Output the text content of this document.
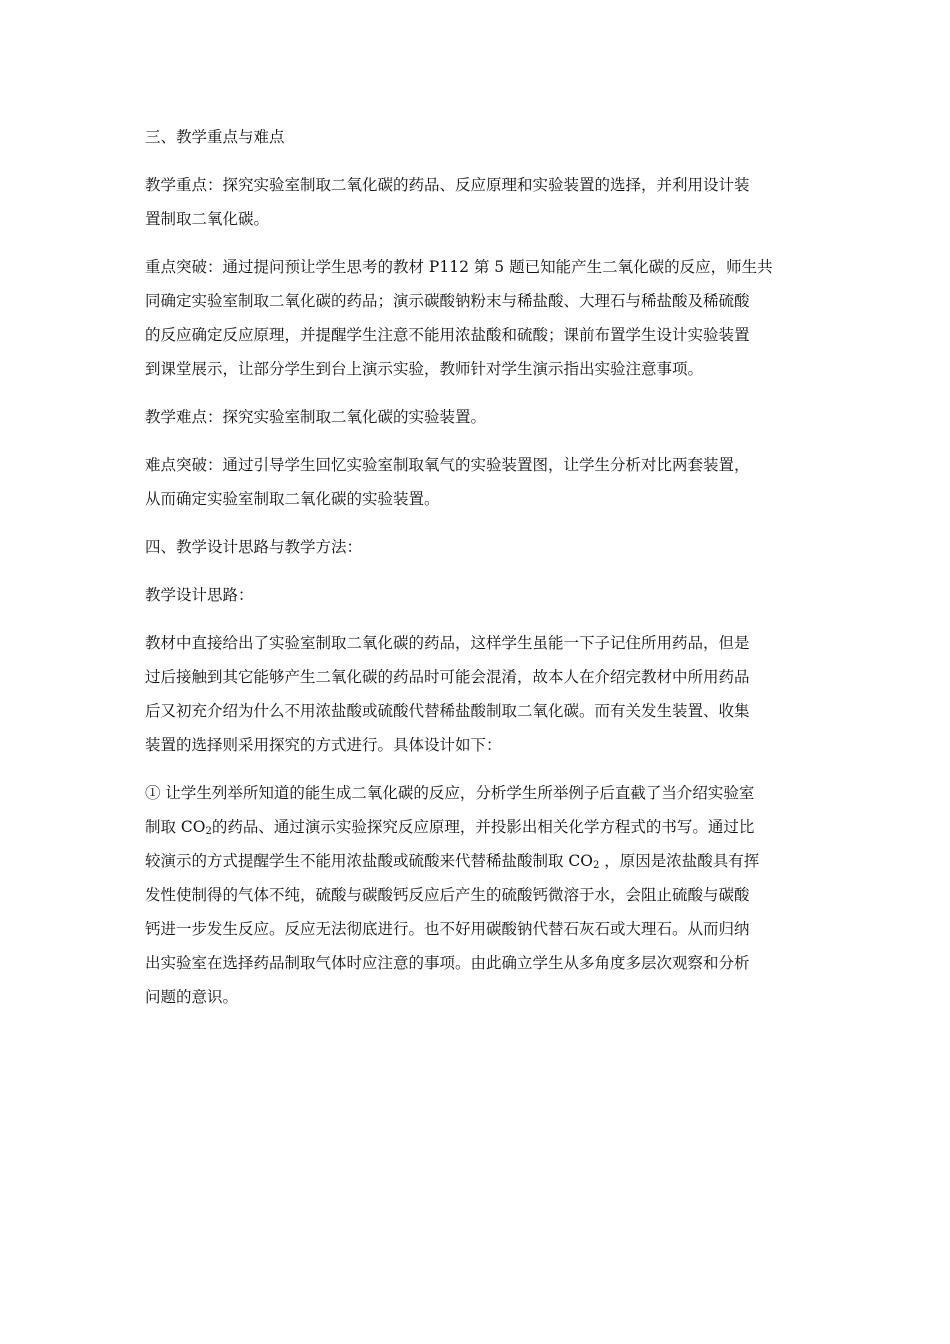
三、教学重点与难点

教学重点：探究实验室制取二氧化碳的药品、反应原理和实验装置的选择，并利用设计装
置制取二氧化碳。

重点突破：通过提问预让学生思考的教材 P112 第 5 题已知能产生二氧化碳的反应，师生共
同确定实验室制取二氧化碳的药品；演示碳酸钠粉末与稀盐酸、大理石与稀盐酸及稀硫酸
的反应确定反应原理，并提醒学生注意不能用浓盐酸和硫酸；课前布置学生设计实验装置
到课堂展示，让部分学生到台上演示实验，教师针对学生演示指出实验注意事项。

教学难点：探究实验室制取二氧化碳的实验装置。

难点突破：通过引导学生回忆实验室制取氧气的实验装置图，让学生分析对比两套装置，
从而确定实验室制取二氧化碳的实验装置。

四、教学设计思路与教学方法：

教学设计思路：

教材中直接给出了实验室制取二氧化碳的药品，这样学生虽能一下子记住所用药品，但是
过后接触到其它能够产生二氧化碳的药品时可能会混淆，故本人在介绍完教材中所用药品
后又初充介绍为什么不用浓盐酸或硫酸代替稀盐酸制取二氧化碳。而有关发生装置、收集
装置的选择则采用探究的方式进行。具体设计如下：

① 让学生列举所知道的能生成二氧化碳的反应，分析学生所举例子后直截了当介绍实验室
制取 $CO_2$的药品、通过演示实验探究反应原理，并投影出相关化学方程式的书写。通过比
较演示的方式提醒学生不能用浓盐酸或硫酸来代替稀盐酸制取 $CO_2$ ，原因是浓盐酸具有挥
发性使制得的气体不纯，硫酸与碳酸钙反应后产生的硫酸钙微溶于水，会阻止硫酸与碳酸
钙进一步发生反应。反应无法彻底进行。也不好用碳酸钠代替石灰石或大理石。从而归纳
出实验室在选择药品制取气体时应注意的事项。由此确立学生从多角度多层次观察和分析
问题的意识。
